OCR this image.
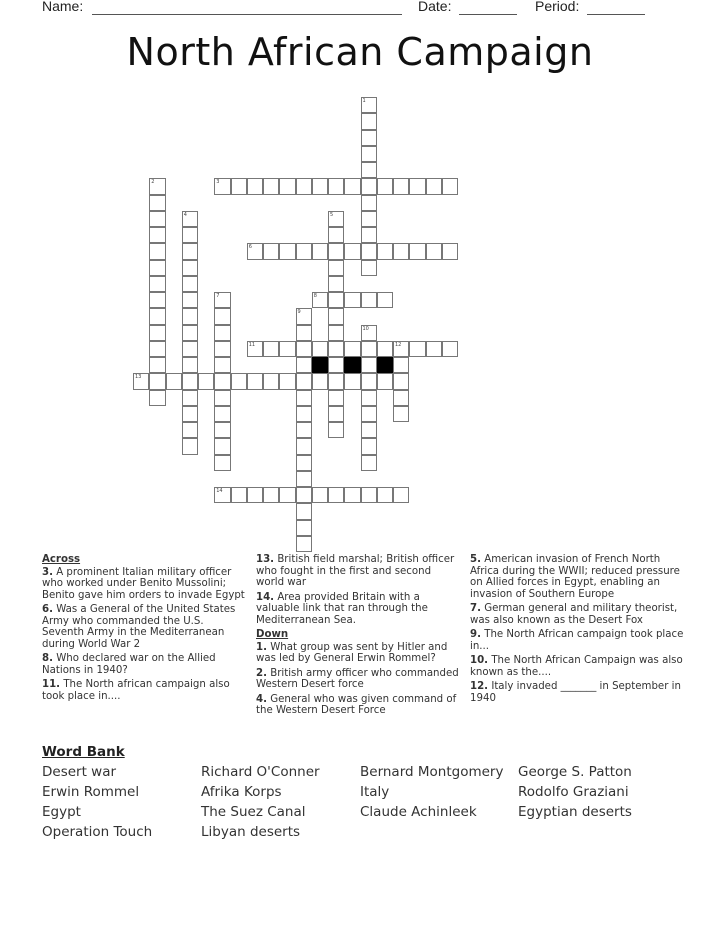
Name:	Date:	Period:
North African Campaign
1
2	3
4	5
6
7	8
9
10
11	12
13
14
Across
3. A prominent Italian military officer who worked under Benito Mussolini; Benito gave him orders to invade Egypt
6. Was a General of the United States Army who commanded the U.S. Seventh Army in the Mediterranean during World War 2
8. Who declared war on the Allied Nations in 1940?
11. The North african campaign also took place in....
13. British field marshal; British officer who fought in the first and second world war
14. Area provided Britain with a valuable link that ran through the Mediterranean Sea.
Down
1. What group was sent by Hitler and was led by General Erwin Rommel?
2. British army officer who commanded Western Desert force
4. General who was given command of the Western Desert Force
5. American invasion of French North Africa during the WWII; reduced pressure on Allied forces in Egypt, enabling an invasion of Southern Europe
7. German general and military theorist, was also known as the Desert Fox
9. The North African campaign took place in...
10. The North African Campaign was also known as the....
12. Italy invaded _______ in September in 1940
Word Bank
Desert war
Erwin Rommel
Egypt
Operation Touch
Richard O'Conner
Afrika Korps
The Suez Canal
Libyan deserts
Bernard Montgomery
Italy
Claude Achinleek
George S. Patton
Rodolfo Graziani
Egyptian deserts
